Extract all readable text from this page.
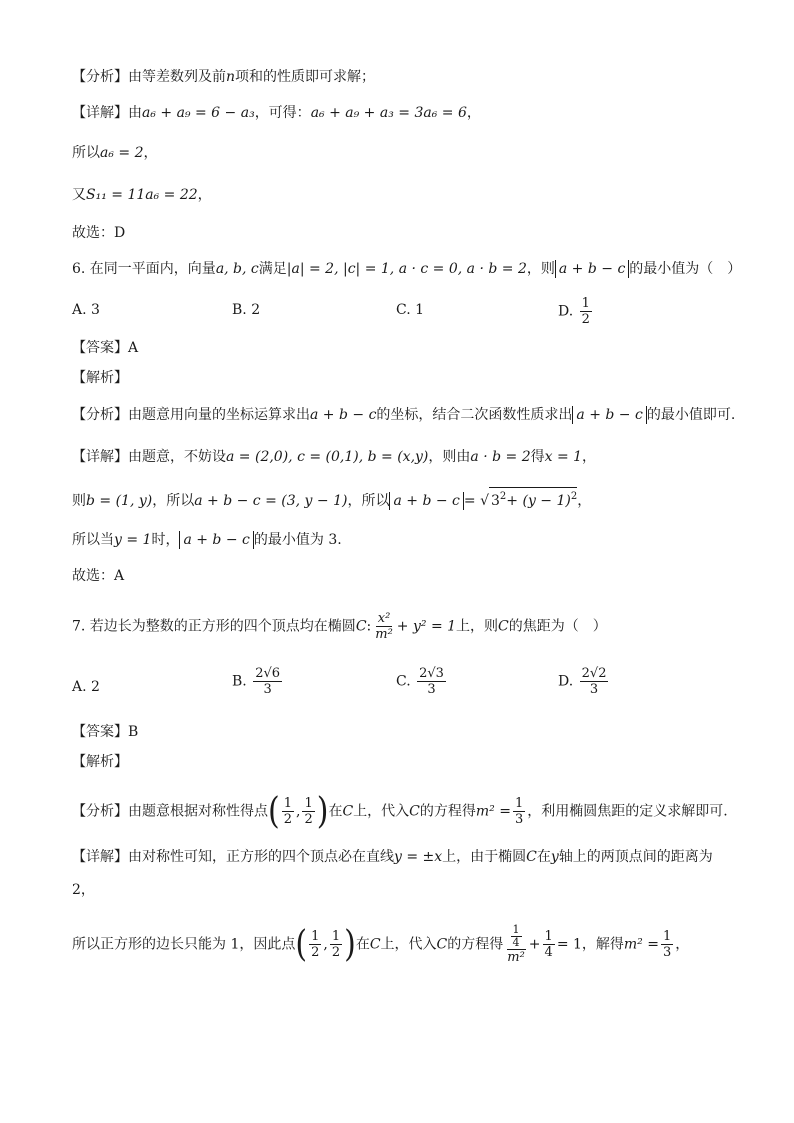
【分析】由等差数列及前n项和的性质即可求解；
【详解】由a₆ + a₉ = 6 − a₃，可得：a₆ + a₉ + a₃ = 3a₆ = 6，
所以a₆ = 2，
又S₁₁ = 11a₆ = 22，
故选：D
6. 在同一平面内，向量a, b, c满足|a| = 2, |c| = 1, a · c = 0, a · b = 2，则 a + b − c 的最小值为（　）
A. 3	B. 2	C. 1	D. $\frac{1}{2}$
【答案】A
【解析】
【分析】由题意用向量的坐标运算求出a + b − c的坐标，结合二次函数性质求出 a + b − c 的最小值即可.
【详解】由题意，不妨设a = (2,0), c = (0,1), b = (x,y)，则由a · b = 2得x = 1，
则b = (1, y)，所以a + b − c = (3, y − 1)，所以 a + b − c = √ $3^2+ (y - 1)^2$，
所以当y = 1时， a + b − c 的最小值为 3.
故选：A
7. 若边长为整数的正方形的四个顶点均在椭圆C: $\frac{\text{x²}}{\text{m²}} + y^2 = 1$上，则C的焦距为（　）
A. 2	B. $\frac{2√6}{3}$	C. $\frac{2√3}{3}$	D. $\frac{2√2}{3}$
【答案】B
【解析】
【分析】由题意根据对称性得点( $\frac{1}{2}$ , $\frac{1}{2}$ )在C上，代入C的方程得$m^2 = \frac{1}{3}$ ，利用椭圆焦距的定义求解即可.
【详解】由对称性可知，正方形的四个顶点必在直线y = ±x上，由于椭圆C在y轴上的两顶点间的距离为
2，
所以正方形的边长只能为 1，因此点( $\frac{1}{2}$ , $\frac{1}{2}$ )在C上，代入C的方程得 $\frac{\frac{1}{4}}{\text{m²}} + \frac{1}{4} = 1$，解得$m^2 = \frac{1}{3}$ ，
